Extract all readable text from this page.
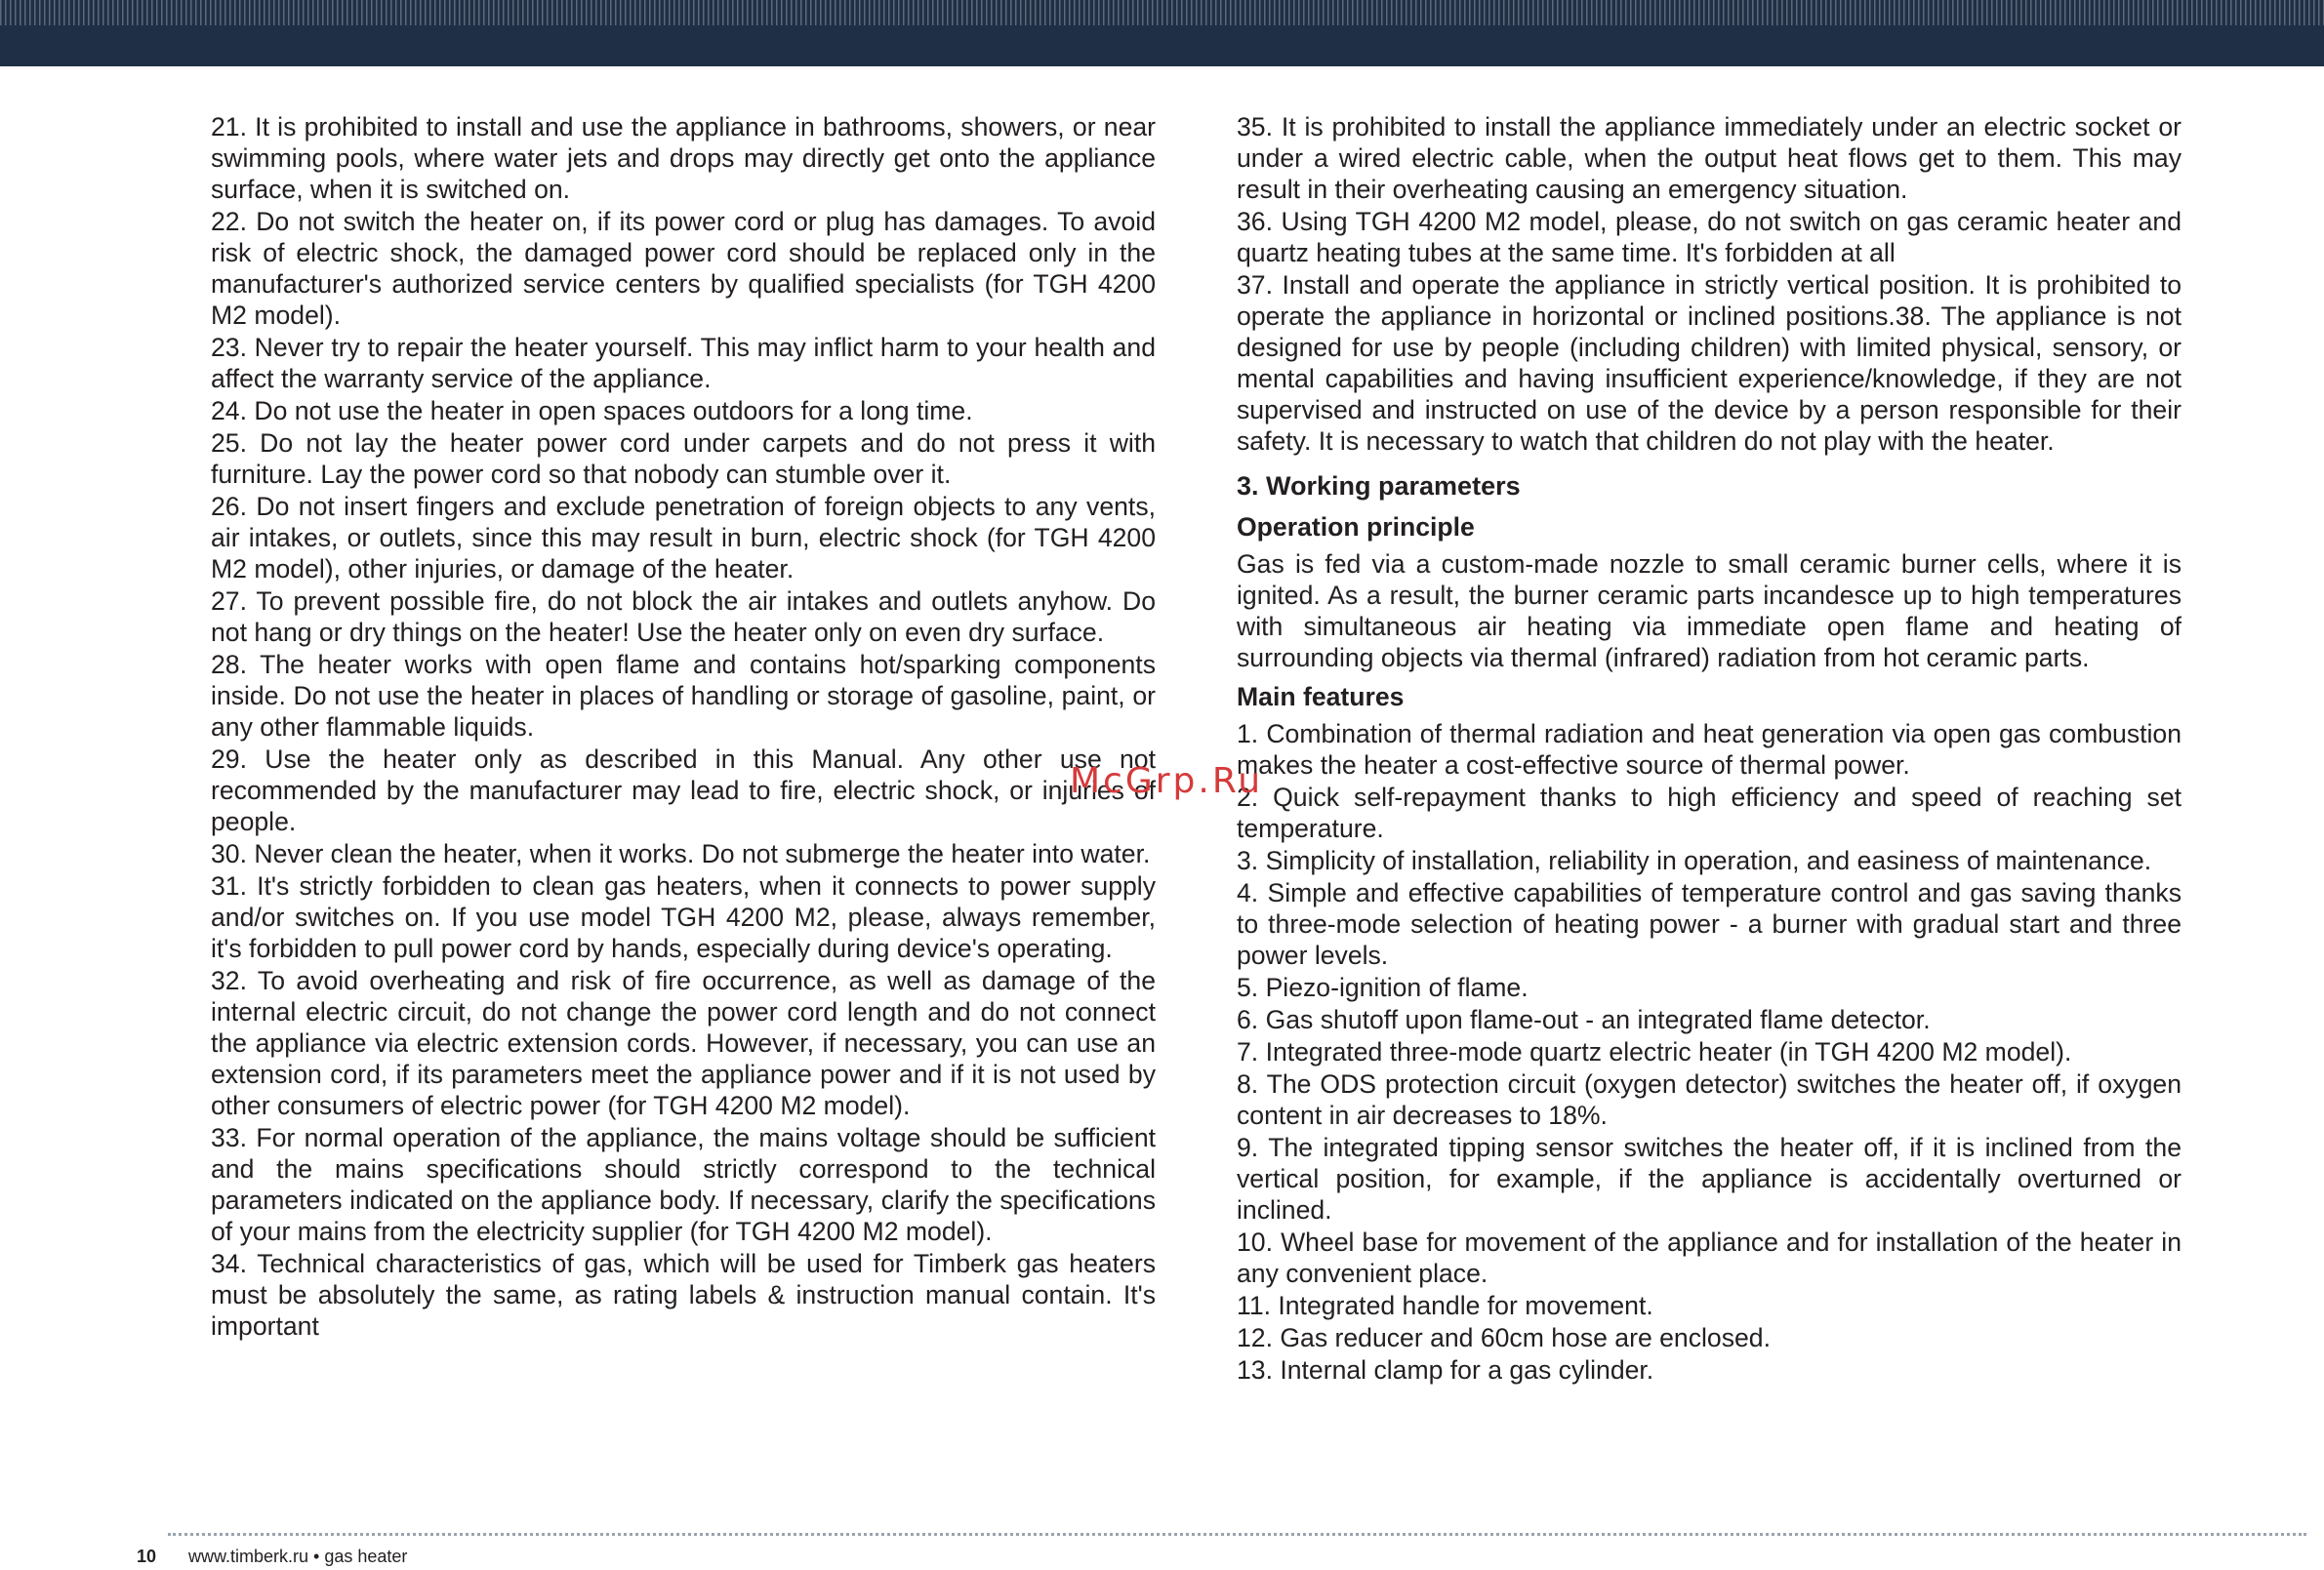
21. It is prohibited to install and use the appliance in bathrooms, showers, or near swimming pools, where water jets and drops may directly get onto the appliance surface, when it is switched on.

22. Do not switch the heater on, if its power cord or plug has damages. To avoid risk of electric shock, the damaged power cord should be replaced only in the manufacturer's authorized service centers by qualified specialists (for TGH 4200 M2 model).

23. Never try to repair the heater yourself. This may inflict harm to your health and affect the warranty service of the appliance.

24. Do not use the heater in open spaces outdoors for a long time.

25. Do not lay the heater power cord under carpets and do not press it with furniture. Lay the power cord so that nobody can stumble over it.

26. Do not insert fingers and exclude penetration of foreign objects to any vents, air intakes, or outlets, since this may result in burn, electric shock (for TGH 4200 M2 model), other injuries, or damage of the heater.

27. To prevent possible fire, do not block the air intakes and outlets anyhow. Do not hang or dry things on the heater! Use the heater only on even dry surface.

28. The heater works with open flame and contains hot/sparking components inside. Do not use the heater in places of handling or storage of gasoline, paint, or any other flammable liquids.

29. Use the heater only as described in this Manual. Any other use not recommended by the manufacturer may lead to fire, electric shock, or injuries of people.

30. Never clean the heater, when it works. Do not submerge the heater into water.

31. It's strictly forbidden to clean gas heaters, when it connects to power supply and/or switches on. If you use model TGH 4200 M2, please, always remember, it's forbidden to pull power cord by hands, especially during device's operating.

32. To avoid overheating and risk of fire occurrence, as well as damage of the internal electric circuit, do not change the power cord length and do not connect the appliance via electric extension cords. However, if necessary, you can use an extension cord, if its parameters meet the appliance power and if it is not used by other consumers of electric power (for TGH 4200 M2 model).

33. For normal operation of the appliance, the mains voltage should be sufficient and the mains specifications should strictly correspond to the technical parameters indicated on the appliance body. If necessary, clarify the specifications of your mains from the electricity supplier (for TGH 4200 M2 model).

34. Technical characteristics of gas, which will be used for Timberk gas heaters must be absolutely the same, as rating labels & instruction manual contain. It's important

35. It is prohibited to install the appliance immediately under an electric socket or under a wired electric cable, when the output heat flows get to them. This may result in their overheating causing an emergency situation.

36. Using TGH 4200 M2 model, please, do not switch on gas ceramic heater and quartz heating tubes at the same time. It's forbidden at all

37. Install and operate the appliance in strictly vertical position. It is prohibited to operate the appliance in horizontal or inclined positions.38. The appliance is not designed for use by people (including children) with limited physical, sensory, or mental capabilities and having insufficient experience/knowledge, if they are not supervised and instructed on use of the device by a person responsible for their safety. It is necessary to watch that children do not play with the heater.

3. Working parameters

Operation principle

Gas is fed via a custom-made nozzle to small ceramic burner cells, where it is ignited. As a result, the burner ceramic parts incandesce up to high temperatures with simultaneous air heating via immediate open flame and heating of surrounding objects via thermal (infrared) radiation from hot ceramic parts.

Main features

1. Combination of thermal radiation and heat generation via open gas combustion makes the heater a cost-effective source of thermal power.

2. Quick self-repayment thanks to high efficiency and speed of reaching set temperature.

3. Simplicity of installation, reliability in operation, and easiness of maintenance.

4. Simple and effective capabilities of temperature control and gas saving thanks to three-mode selection of heating power - a burner with gradual start and three power levels.

5. Piezo-ignition of flame.

6. Gas shutoff upon flame-out - an integrated flame detector.

7. Integrated three-mode quartz electric heater (in TGH 4200 M2 model).

8. The ODS protection circuit (oxygen detector) switches the heater off, if oxygen content in air decreases to 18%.

9. The integrated tipping sensor switches the heater off, if it is inclined from the vertical position, for example, if the appliance is accidentally overturned or inclined.

10. Wheel base for movement of the appliance and for installation of the heater in any convenient place.

11. Integrated handle for movement.

12. Gas reducer and 60cm hose are enclosed.

13. Internal clamp for a gas cylinder.

McGrp.Ru
10 www.timberk.ru • gas heater
